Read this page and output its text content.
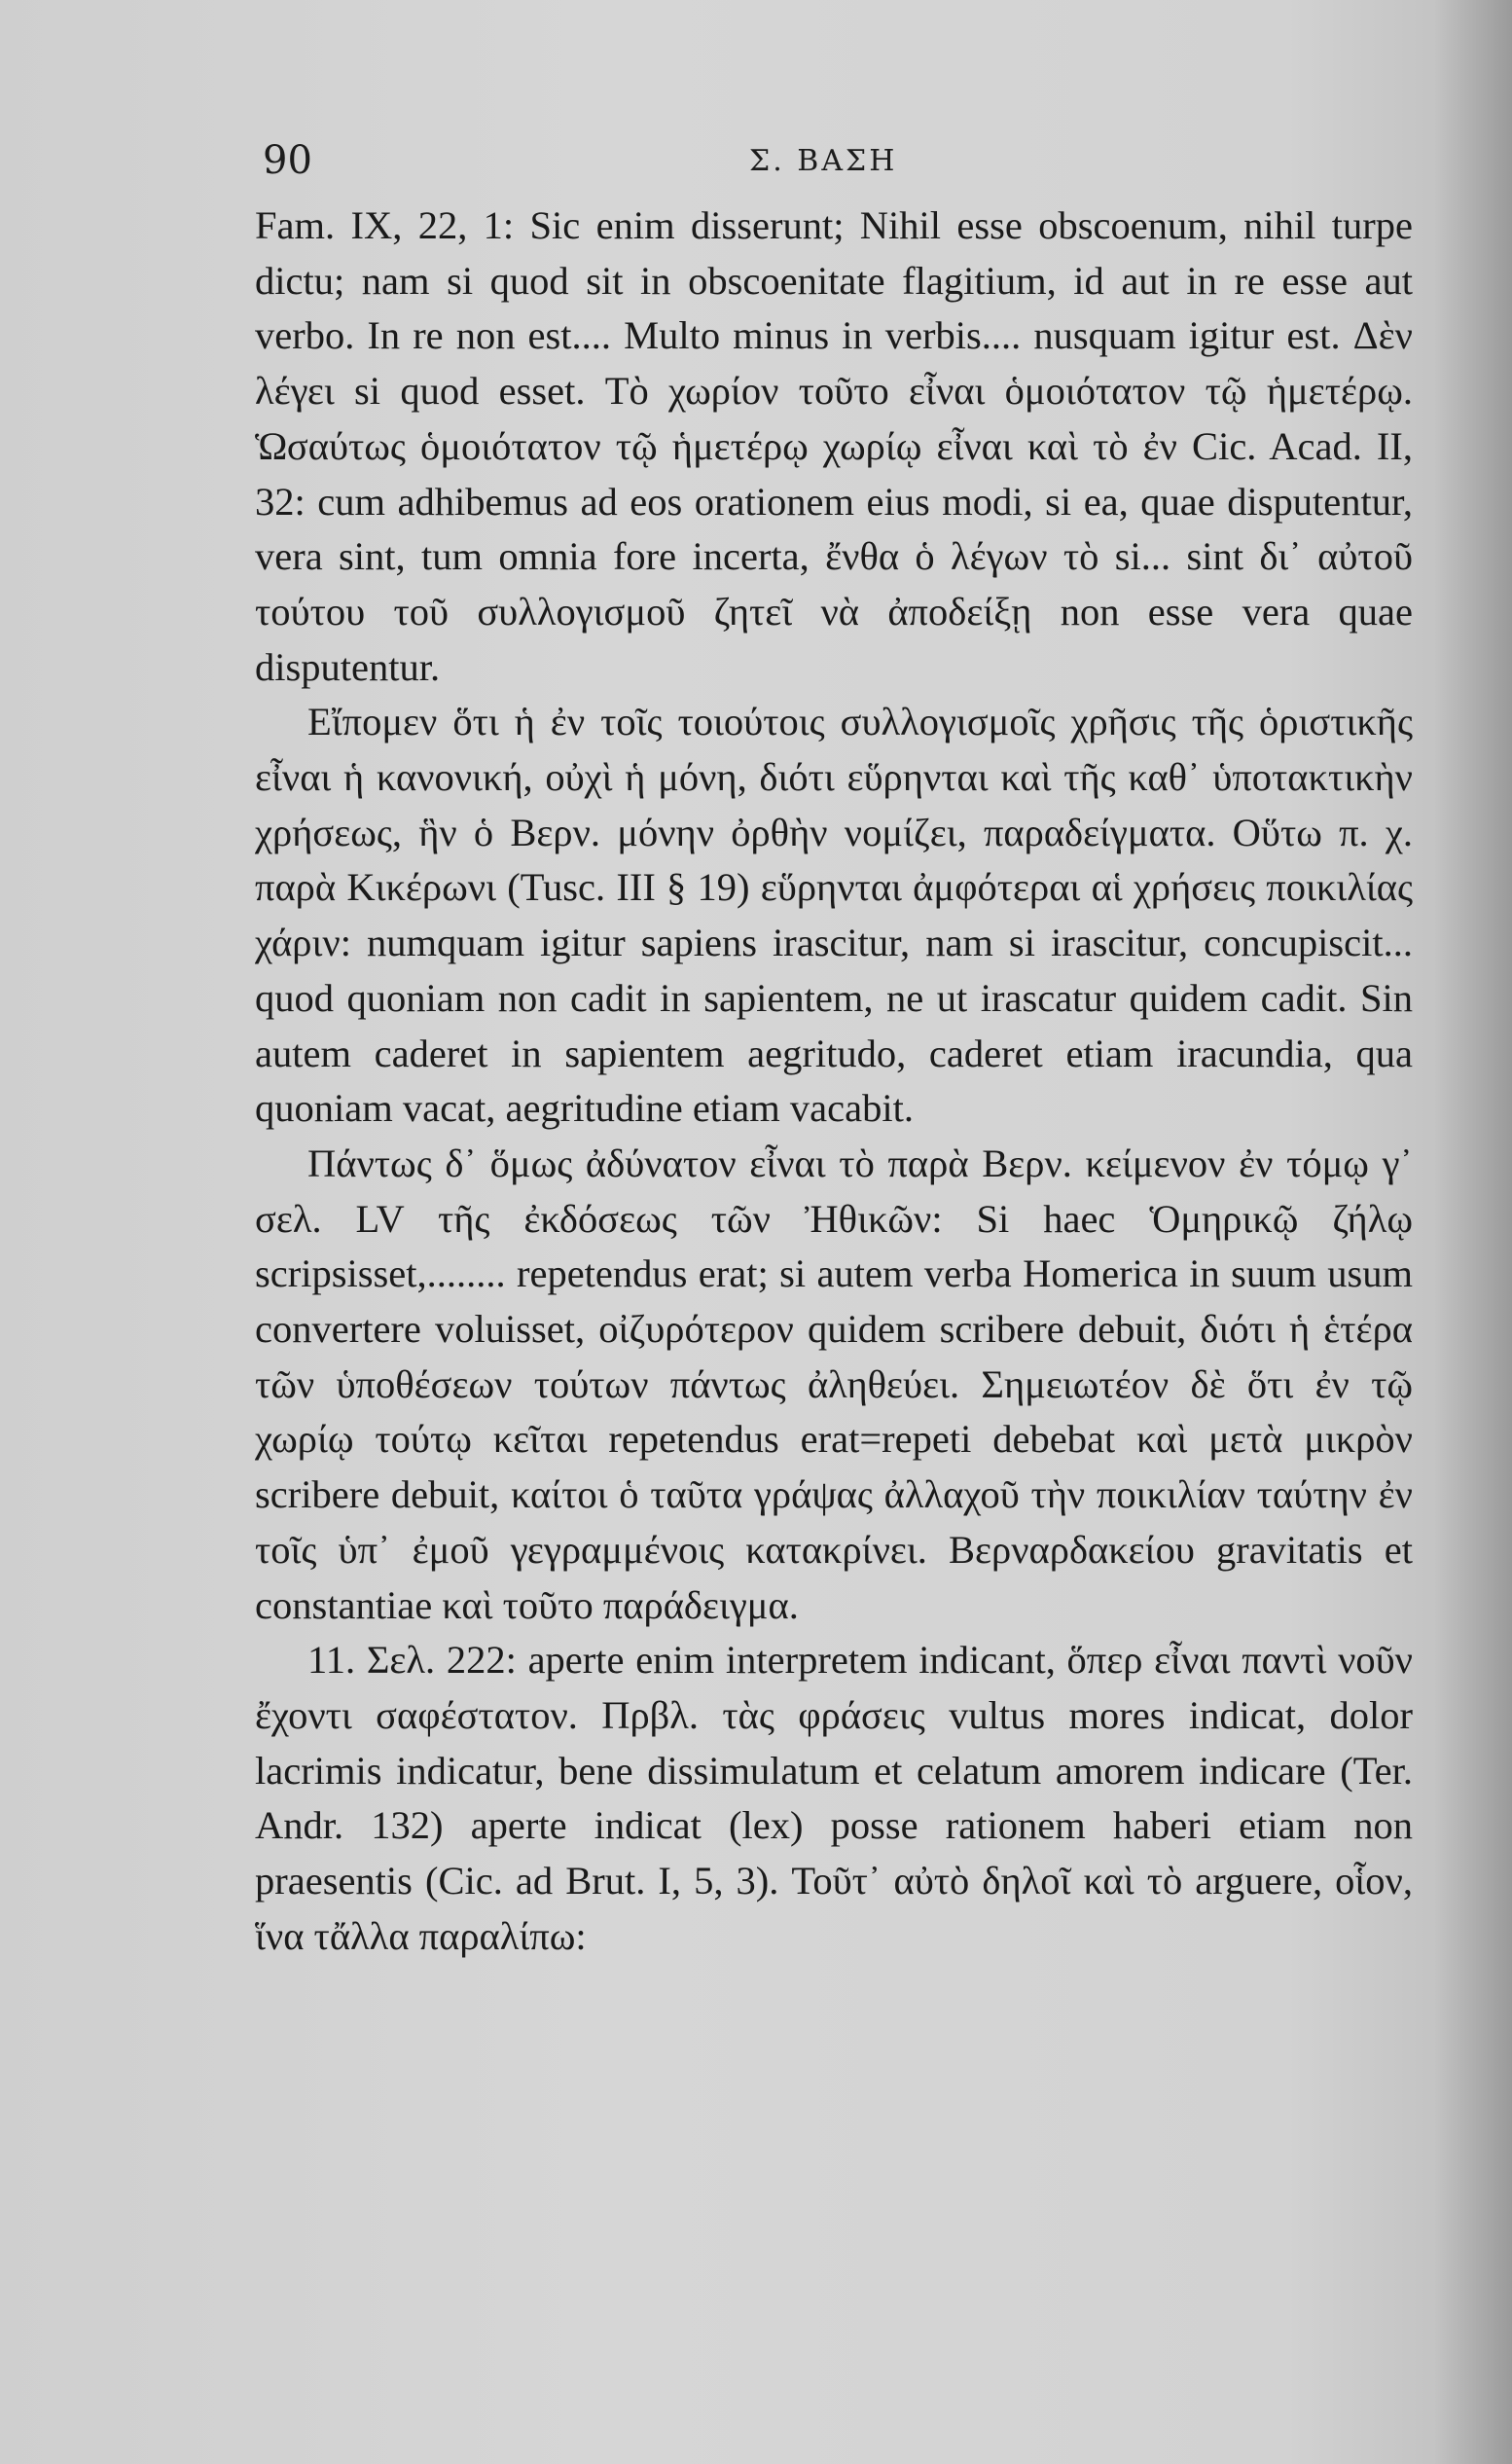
90	Σ. ΒΑΣΗ

Fam. IX, 22, 1: Sic enim disserunt; Nihil esse obscoenum, nihil turpe dictu; nam si quod sit in obscoenitate flagitium, id aut in re esse aut verbo. In re non est.... Multo minus in verbis.... nusquam igitur est. Δὲν λέγει si quod esset. Τὸ χωρίον τοῦτο εἶναι ὁμοιότατον τῷ ἡμετέρῳ. Ὡσαύτως ὁμοιότατον τῷ ἡμετέρῳ χωρίῳ εἶναι καὶ τὸ ἐν Cic. Acad. II, 32: cum adhibemus ad eos orationem eius modi, si ea, quae disputentur, vera sint, tum omnia fore incerta, ἔνθα ὁ λέγων τὸ si... sint δι᾽ αὐτοῦ τούτου τοῦ συλλογισμοῦ ζητεῖ νὰ ἀποδείξῃ non esse vera quae disputentur.

Εἴπομεν ὅτι ἡ ἐν τοῖς τοιούτοις συλλογισμοῖς χρῆσις τῆς ὁριστικῆς εἶναι ἡ κανονική, οὐχὶ ἡ μόνη, διότι εὕρηνται καὶ τῆς καθ᾽ ὑποτακτικὴν χρήσεως, ἣν ὁ Βερν. μόνην ὀρθὴν νομίζει, παραδείγματα. Οὕτω π. χ. παρὰ Κικέρωνι (Tusc. III § 19) εὕρηνται ἀμφότεραι αἱ χρήσεις ποικιλίας χάριν: numquam igitur sapiens irascitur, nam si irascitur, concupiscit... quod quoniam non cadit in sapientem, ne ut irascatur quidem cadit. Sin autem caderet in sapientem aegritudo, caderet etiam iracundia, qua quoniam vacat, aegritudine etiam vacabit.

Πάντως δ᾽ ὅμως ἀδύνατον εἶναι τὸ παρὰ Βερν. κείμενον ἐν τόμῳ γ᾽ σελ. LV τῆς ἐκδόσεως τῶν Ἠθικῶν: Si haec Ὁμηρικῷ ζήλῳ scripsisset,........ repetendus erat; si autem verba Homerica in suum usum convertere voluisset, οἰζυρότερον quidem scribere debuit, διότι ἡ ἑτέρα τῶν ὑποθέσεων τούτων πάντως ἀληθεύει. Σημειωτέον δὲ ὅτι ἐν τῷ χωρίῳ τούτῳ κεῖται repetendus erat=repeti debebat καὶ μετὰ μικρὸν scribere debuit, καίτοι ὁ ταῦτα γράψας ἀλλαχοῦ τὴν ποικιλίαν ταύτην ἐν τοῖς ὑπ᾽ ἐμοῦ γεγραμμένοις κατακρίνει. Βερναρδακείου gravitatis et constantiae καὶ τοῦτο παράδειγμα.

11. Σελ. 222: aperte enim interpretem indicant, ὅπερ εἶναι παντὶ νοῦν ἔχοντι σαφέστατον. Πρβλ. τὰς φράσεις vultus mores indicat, dolor lacrimis indicatur, bene dissimulatum et celatum amorem indicare (Ter. Andr. 132) aperte indicat (lex) posse rationem haberi etiam non praesentis (Cic. ad Brut. I, 5, 3). Τοῦτ᾽ αὐτὸ δηλοῖ καὶ τὸ arguere, οἷον, ἵνα τἄλλα παραλίπω:
